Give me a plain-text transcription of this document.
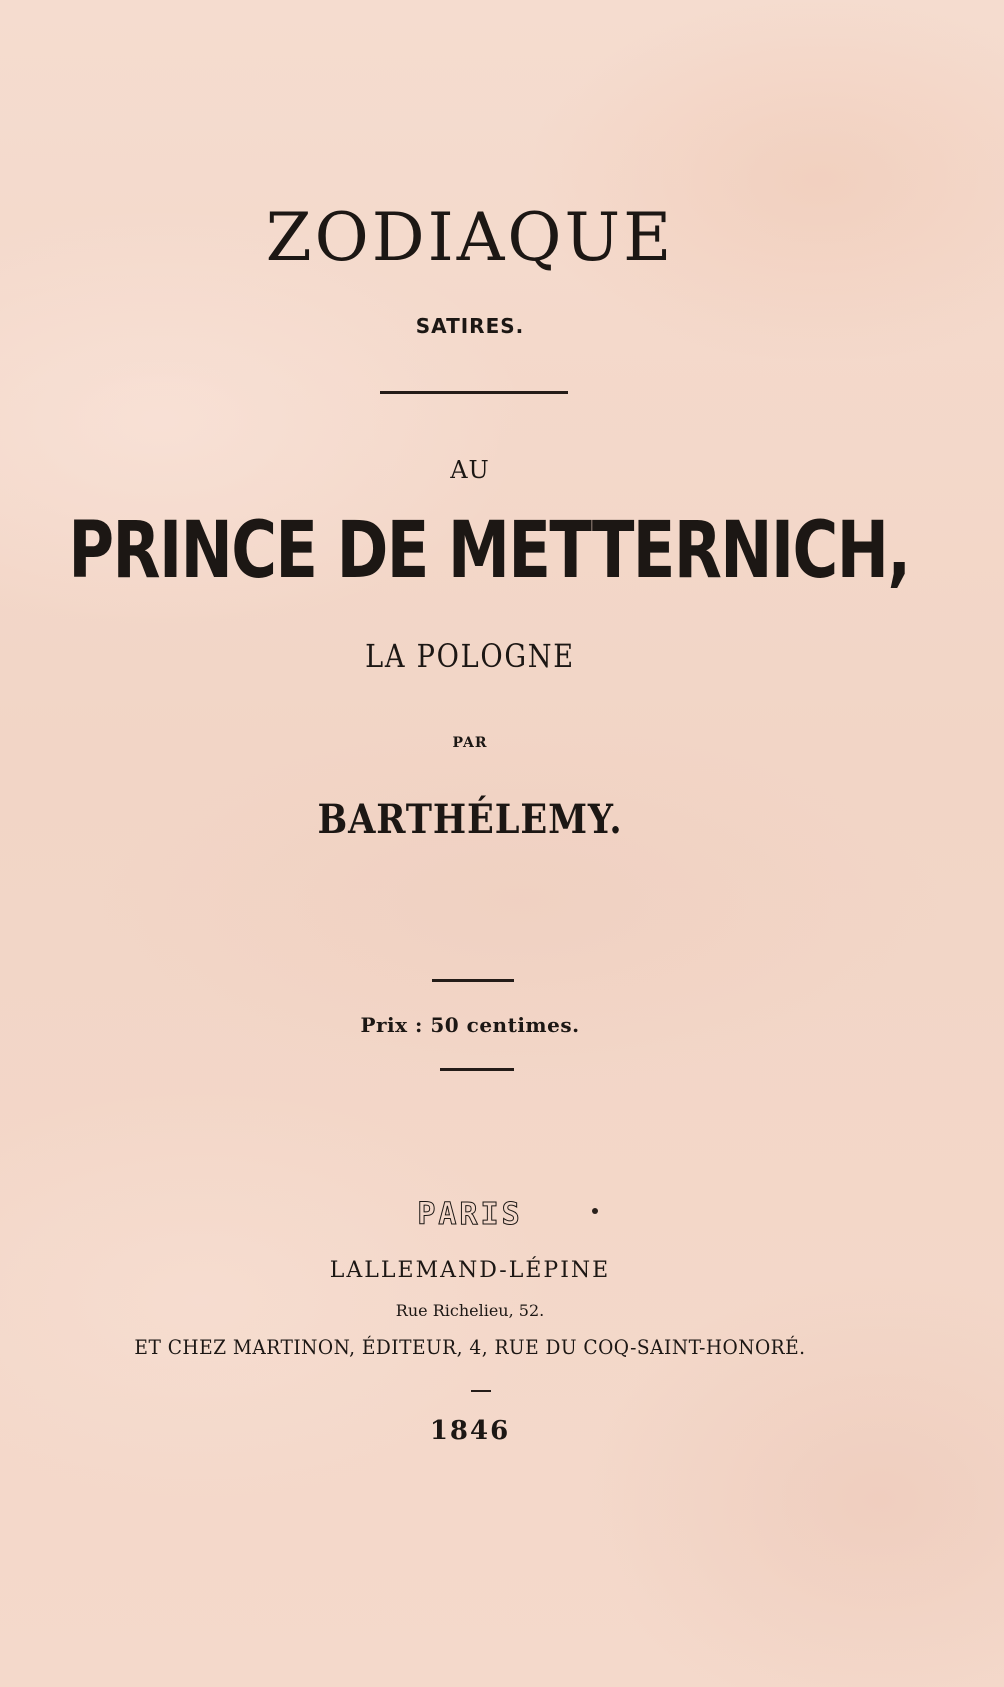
ZODIAQUE
SATIRES.
AU
PRINCE DE METTERNICH,
LA POLOGNE
PAR
BARTHÉLEMY.
Prix : 50 centimes.
PARIS
LALLEMAND-LÉPINE
Rue Richelieu, 52.
ET CHEZ MARTINON, ÉDITEUR, 4, RUE DU COQ-SAINT-HONORÉ.
1846
